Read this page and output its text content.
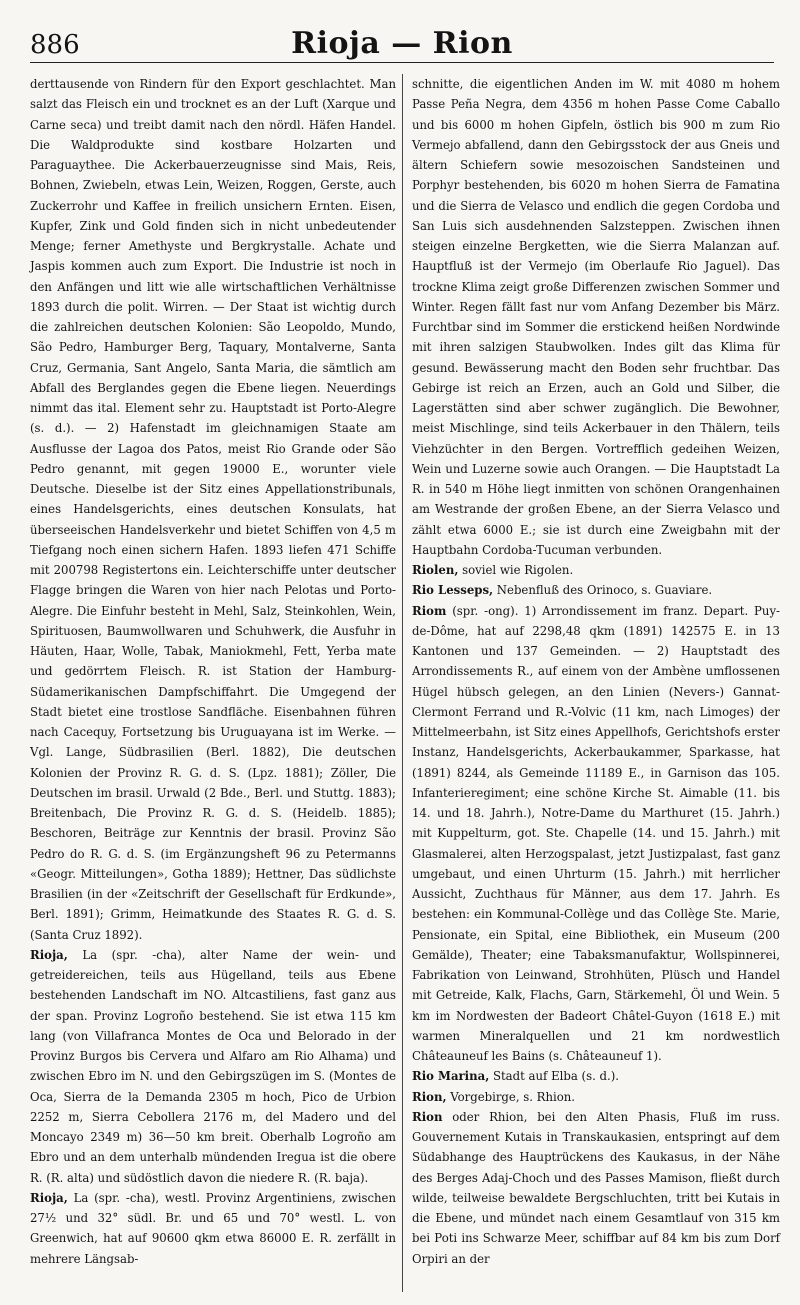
886	Rioja — Rion

derttausende von Rindern für den Export geschlachtet. Man salzt das Fleisch ein und trocknet es an der Luft (Xarque und Carne seca) und treibt damit nach den nördl. Häfen Handel. Die Waldprodukte sind kostbare Holzarten und Paraguaythee. Die Ackerbauerzeugnisse sind Mais, Reis, Bohnen, Zwiebeln, etwas Lein, Weizen, Roggen, Gerste, auch Zuckerrohr und Kaffee in freilich unsichern Ernten. Eisen, Kupfer, Zink und Gold finden sich in nicht unbedeutender Menge; ferner Amethyste und Bergkrystalle. Achate und Jaspis kommen auch zum Export. Die Industrie ist noch in den Anfängen und litt wie alle wirtschaftlichen Verhältnisse 1893 durch die polit. Wirren. — Der Staat ist wichtig durch die zahlreichen deutschen Kolonien: São Leopoldo, Mundo, São Pedro, Hamburger Berg, Taquary, Montalverne, Santa Cruz, Germania, Sant Angelo, Santa Maria, die sämtlich am Abfall des Berglandes gegen die Ebene liegen. Neuerdings nimmt das ital. Element sehr zu. Hauptstadt ist Porto-Alegre (s. d.). — 2) Hafenstadt im gleichnamigen Staate am Ausflusse der Lagoa dos Patos, meist Rio Grande oder São Pedro genannt, mit gegen 19000 E., worunter viele Deutsche. Dieselbe ist der Sitz eines Appellationstribunals, eines Handelsgerichts, eines deutschen Konsulats, hat überseeischen Handelsverkehr und bietet Schiffen von 4,5 m Tiefgang noch einen sichern Hafen. 1893 liefen 471 Schiffe mit 200798 Registertons ein. Leichterschiffe unter deutscher Flagge bringen die Waren von hier nach Pelotas und Porto-Alegre. Die Einfuhr besteht in Mehl, Salz, Steinkohlen, Wein, Spirituosen, Baumwollwaren und Schuhwerk, die Ausfuhr in Häuten, Haar, Wolle, Tabak, Maniokmehl, Fett, Yerba mate und gedörrtem Fleisch. R. ist Station der Hamburg-Südamerikanischen Dampfschiffahrt. Die Umgegend der Stadt bietet eine trostlose Sandfläche. Eisenbahnen führen nach Cacequy, Fortsetzung bis Uruguayana ist im Werke. — Vgl. Lange, Südbrasilien (Berl. 1882), Die deutschen Kolonien der Provinz R. G. d. S. (Lpz. 1881); Zöller, Die Deutschen im brasil. Urwald (2 Bde., Berl. und Stuttg. 1883); Breitenbach, Die Provinz R. G. d. S. (Heidelb. 1885); Beschoren, Beiträge zur Kenntnis der brasil. Provinz São Pedro do R. G. d. S. (im Ergänzungsheft 96 zu Petermanns «Geogr. Mitteilungen», Gotha 1889); Hettner, Das südlichste Brasilien (in der «Zeitschrift der Gesellschaft für Erdkunde», Berl. 1891); Grimm, Heimatkunde des Staates R. G. d. S. (Santa Cruz 1892).

Rioja, La (spr. -cha), alter Name der wein- und getreidereichen, teils aus Hügelland, teils aus Ebene bestehenden Landschaft im NO. Altcastiliens, fast ganz aus der span. Provinz Logroño bestehend. Sie ist etwa 115 km lang (von Villafranca Montes de Oca und Belorado in der Provinz Burgos bis Cervera und Alfaro am Rio Alhama) und zwischen Ebro im N. und den Gebirgszügen im S. (Montes de Oca, Sierra de la Demanda 2305 m hoch, Pico de Urbion 2252 m, Sierra Cebollera 2176 m, del Madero und del Moncayo 2349 m) 36—50 km breit. Oberhalb Logroño am Ebro und an dem unterhalb mündenden Iregua ist die obere R. (R. alta) und südöstlich davon die niedere R. (R. baja).

Rioja, La (spr. -cha), westl. Provinz Argentiniens, zwischen 27½ und 32° südl. Br. und 65 und 70° westl. L. von Greenwich, hat auf 90600 qkm etwa 86000 E. R. zerfällt in mehrere Längsab-

schnitte, die eigentlichen Anden im W. mit 4080 m hohem Passe Peña Negra, dem 4356 m hohen Passe Come Caballo und bis 6000 m hohen Gipfeln, östlich bis 900 m zum Rio Vermejo abfallend, dann den Gebirgsstock der aus Gneis und ältern Schiefern sowie mesozoischen Sandsteinen und Porphyr bestehenden, bis 6020 m hohen Sierra de Famatina und die Sierra de Velasco und endlich die gegen Cordoba und San Luis sich ausdehnenden Salzsteppen. Zwischen ihnen steigen einzelne Bergketten, wie die Sierra Malanzan auf. Hauptfluß ist der Vermejo (im Oberlaufe Rio Jaguel). Das trockne Klima zeigt große Differenzen zwischen Sommer und Winter. Regen fällt fast nur vom Anfang Dezember bis März. Furchtbar sind im Sommer die erstickend heißen Nordwinde mit ihren salzigen Staubwolken. Indes gilt das Klima für gesund. Bewässerung macht den Boden sehr fruchtbar. Das Gebirge ist reich an Erzen, auch an Gold und Silber, die Lagerstätten sind aber schwer zugänglich. Die Bewohner, meist Mischlinge, sind teils Ackerbauer in den Thälern, teils Viehzüchter in den Bergen. Vortrefflich gedeihen Weizen, Wein und Luzerne sowie auch Orangen. — Die Hauptstadt La R. in 540 m Höhe liegt inmitten von schönen Orangenhainen am Westrande der großen Ebene, an der Sierra Velasco und zählt etwa 6000 E.; sie ist durch eine Zweigbahn mit der Hauptbahn Cordoba-Tucuman verbunden.

Riolen, soviel wie Rigolen.

Rio Lesseps, Nebenfluß des Orinoco, s. Guaviare.

Riom (spr. -ong). 1) Arrondissement im franz. Depart. Puy-de-Dôme, hat auf 2298,48 qkm (1891) 142575 E. in 13 Kantonen und 137 Gemeinden. — 2) Hauptstadt des Arrondissements R., auf einem von der Ambène umflossenen Hügel hübsch gelegen, an den Linien (Nevers-) Gannat-Clermont Ferrand und R.-Volvic (11 km, nach Limoges) der Mittelmeerbahn, ist Sitz eines Appellhofs, Gerichtshofs erster Instanz, Handelsgerichts, Ackerbaukammer, Sparkasse, hat (1891) 8244, als Gemeinde 11189 E., in Garnison das 105. Infanterieregiment; eine schöne Kirche St. Aimable (11. bis 14. und 18. Jahrh.), Notre-Dame du Marthuret (15. Jahrh.) mit Kuppelturm, got. Ste. Chapelle (14. und 15. Jahrh.) mit Glasmalerei, alten Herzogspalast, jetzt Justizpalast, fast ganz umgebaut, und einen Uhrturm (15. Jahrh.) mit herrlicher Aussicht, Zuchthaus für Männer, aus dem 17. Jahrh. Es bestehen: ein Kommunal-Collège und das Collège Ste. Marie, Pensionate, ein Spital, eine Bibliothek, ein Museum (200 Gemälde), Theater; eine Tabaksmanufaktur, Wollspinnerei, Fabrikation von Leinwand, Strohhüten, Plüsch und Handel mit Getreide, Kalk, Flachs, Garn, Stärkemehl, Öl und Wein. 5 km im Nordwesten der Badeort Châtel-Guyon (1618 E.) mit warmen Mineralquellen und 21 km nordwestlich Châteauneuf les Bains (s. Châteauneuf 1).

Rio Marina, Stadt auf Elba (s. d.).

Rion, Vorgebirge, s. Rhion.

Rion oder Rhion, bei den Alten Phasis, Fluß im russ. Gouvernement Kutais in Transkaukasien, entspringt auf dem Südabhange des Hauptrückens des Kaukasus, in der Nähe des Berges Adaj-Choch und des Passes Mamison, fließt durch wilde, teilweise bewaldete Bergschluchten, tritt bei Kutais in die Ebene, und mündet nach einem Gesamtlauf von 315 km bei Poti ins Schwarze Meer, schiffbar auf 84 km bis zum Dorf Orpiri an der
